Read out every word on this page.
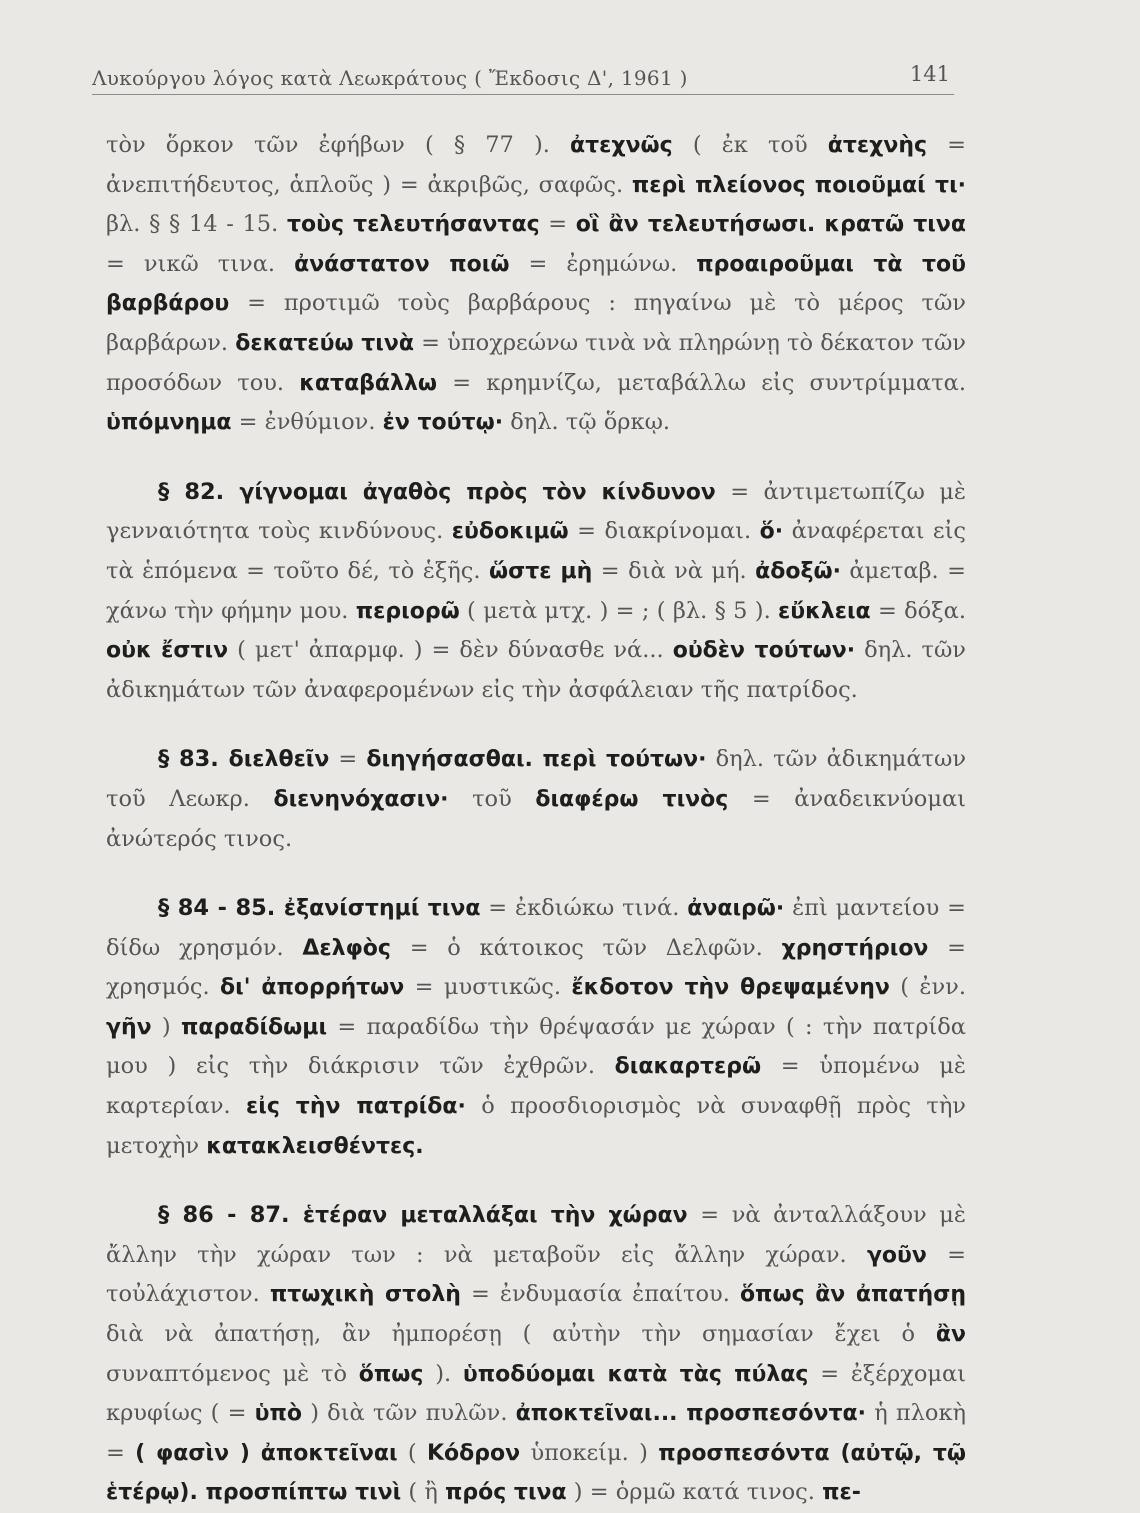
Λυκούργου λόγος κατὰ Λεωκράτους ( Ἔκδοσις Δ', 1961 )	141

τὸν ὅρκον τῶν ἐφήβων ( § 77 ). ἀτεχνῶς ( ἐκ τοῦ ἀτεχνὴς = ἀνεπιτήδευτος, ἁπλοῦς ) = ἀκριβῶς, σαφῶς. περὶ πλείονος ποιοῦμαί τι· βλ. § § 14 - 15. τοὺς τελευτήσαντας = οἳ ἂν τελευτήσωσι. κρατῶ τινα = νικῶ τινα. ἀνάστατον ποιῶ = ἐρημώνω. προαιροῦμαι τὰ τοῦ βαρβάρου = προτιμῶ τοὺς βαρβάρους : πηγαίνω μὲ τὸ μέρος τῶν βαρβάρων. δεκατεύω τινὰ = ὑποχρεώνω τινὰ νὰ πληρώνῃ τὸ δέκατον τῶν προσόδων του. καταβάλλω = κρημνίζω, μεταβάλλω εἰς συντρίμματα. ὑπόμνημα = ἐνθύμιον. ἐν τούτῳ· δηλ. τῷ ὅρκῳ.

§ 82. γίγνομαι ἀγαθὸς πρὸς τὸν κίνδυνον = ἀντιμετωπίζω μὲ γενναιότητα τοὺς κινδύνους. εὐδοκιμῶ = διακρίνομαι. ὅ· ἀναφέρεται εἰς τὰ ἑπόμενα = τοῦτο δέ, τὸ ἑξῆς. ὥστε μὴ = διὰ νὰ μή. ἀδοξῶ· ἀμεταβ. = χάνω τὴν φήμην μου. περιορῶ ( μετὰ μτχ. ) = ; ( βλ. § 5 ). εὔκλεια = δόξα. οὐκ ἔστιν ( μετ' ἀπαρμφ. ) = δὲν δύνασθε νά... οὐδὲν τούτων· δηλ. τῶν ἀδικημάτων τῶν ἀναφερομένων εἰς τὴν ἀσφάλειαν τῆς πατρίδος.

§ 83. διελθεῖν = διηγήσασθαι. περὶ τούτων· δηλ. τῶν ἀδικημάτων τοῦ Λεωκρ. διενηνόχασιν· τοῦ διαφέρω τινὸς = ἀναδεικνύομαι ἀνώτερός τινος.

§ 84 - 85. ἐξανίστημί τινα = ἐκδιώκω τινά. ἀναιρῶ· ἐπὶ μαντείου = δίδω χρησμόν. Δελφὸς = ὁ κάτοικος τῶν Δελφῶν. χρηστήριον = χρησμός. δι' ἀπορρήτων = μυστικῶς. ἔκδοτον τὴν θρεψαμένην ( ἐνν. γῆν ) παραδίδωμι = παραδίδω τὴν θρέψασάν με χώραν ( : τὴν πατρίδα μου ) εἰς τὴν διάκρισιν τῶν ἐχθρῶν. διακαρτερῶ = ὑπομένω μὲ καρτερίαν. εἰς τὴν πατρίδα· ὁ προσδιορισμὸς νὰ συναφθῇ πρὸς τὴν μετοχὴν κατακλεισθέντες.

§ 86 - 87. ἑτέραν μεταλλάξαι τὴν χώραν = νὰ ἀνταλλάξουν μὲ ἄλλην τὴν χώραν των : νὰ μεταβοῦν εἰς ἄλλην χώραν. γοῦν = τοὐλάχιστον. πτωχικὴ στολὴ = ἐνδυμασία ἐπαίτου. ὅπως ἂν ἀπατήσῃ διὰ νὰ ἀπατήσῃ, ἂν ἠμπορέσῃ ( αὐτὴν τὴν σημασίαν ἔχει ὁ ἂν συναπτόμενος μὲ τὸ ὅπως ). ὑποδύομαι κατὰ τὰς πύλας = ἐξέρχομαι κρυφίως ( = ὑπὸ ) διὰ τῶν πυλῶν. ἀποκτεῖναι... προσπεσόντα· ἡ πλοκὴ = ( φασὶν ) ἀποκτεῖναι ( Κόδρον ὑποκείμ. ) προσπεσόντα (αὐτῷ, τῷ ἑτέρῳ). προσπίπτω τινὶ ( ἢ πρός τινα ) = ὁρμῶ κατά τινος. πε-
